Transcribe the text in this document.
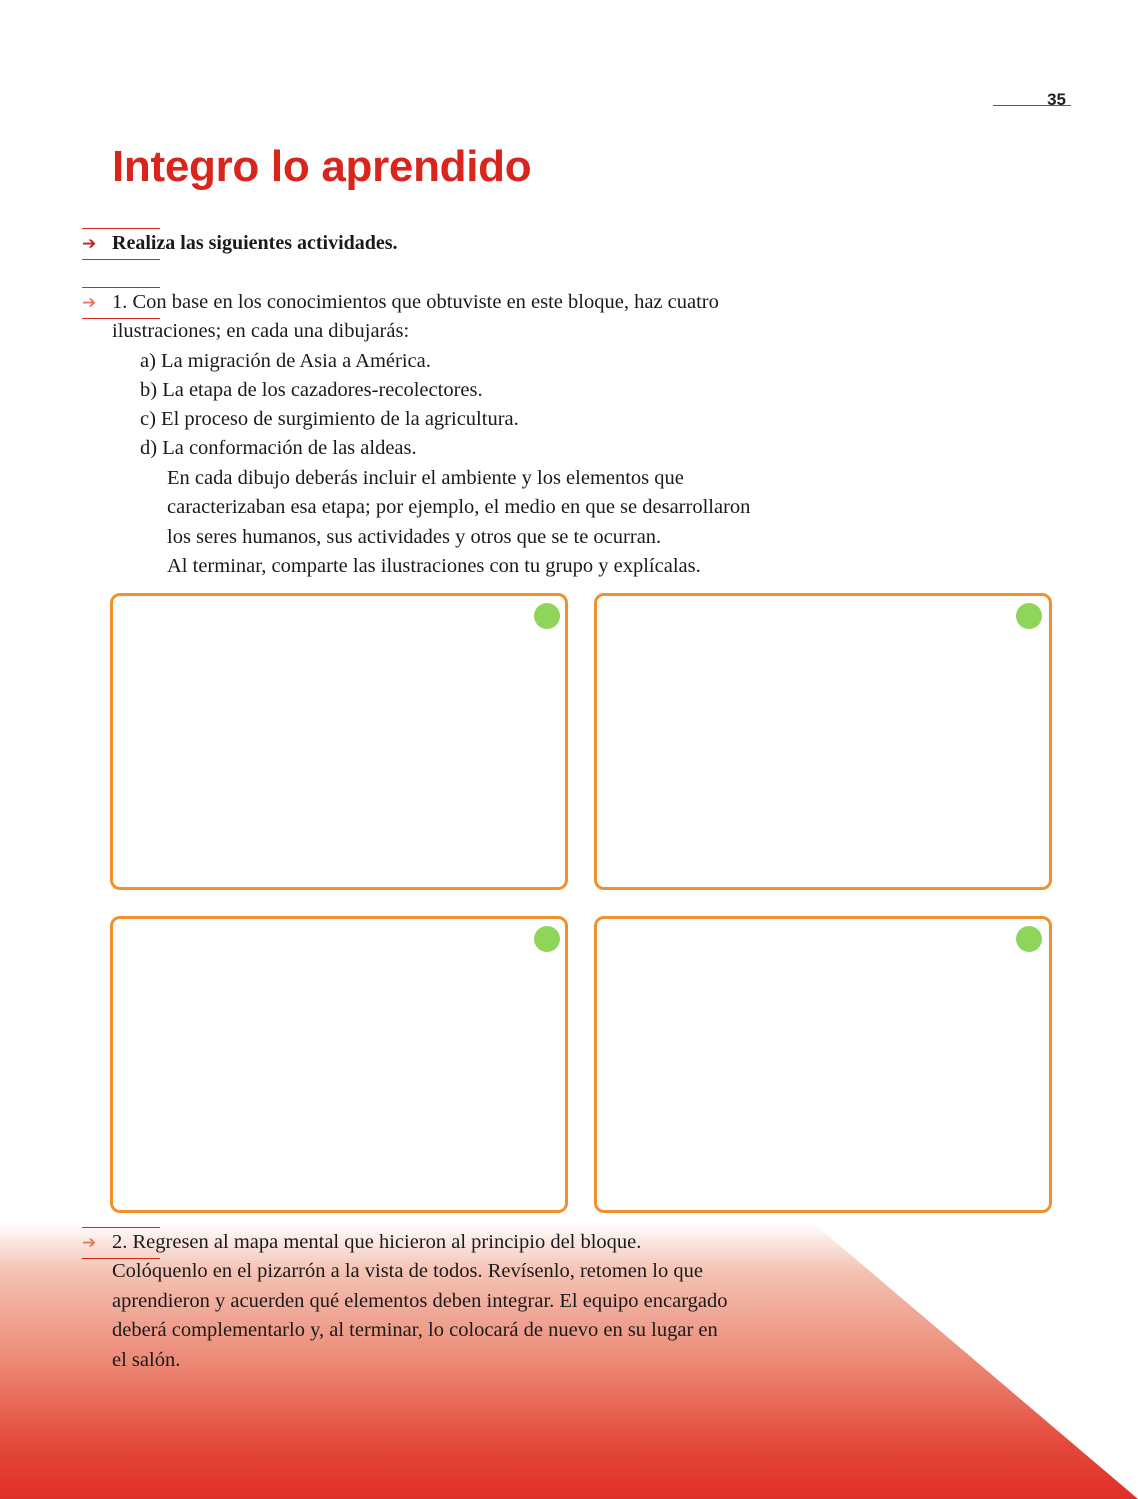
35
Integro lo aprendido
➔ Realiza las siguientes actividades.
➔ 1. Con base en los conocimientos que obtuviste en este bloque, haz cuatro
ilustraciones; en cada una dibujarás:
a) La migración de Asia a América.
b) La etapa de los cazadores-recolectores.
c) El proceso de surgimiento de la agricultura.
d) La conformación de las aldeas.
En cada dibujo deberás incluir el ambiente y los elementos que
caracterizaban esa etapa; por ejemplo, el medio en que se desarrollaron
los seres humanos, sus actividades y otros que se te ocurran.
Al terminar, comparte las ilustraciones con tu grupo y explícalas.
➔ 2. Regresen al mapa mental que hicieron al principio del bloque.
Colóquenlo en el pizarrón a la vista de todos. Revísenlo, retomen lo que
aprendieron y acuerden qué elementos deben integrar. El equipo encargado
deberá complementarlo y, al terminar, lo colocará de nuevo en su lugar en
el salón.
